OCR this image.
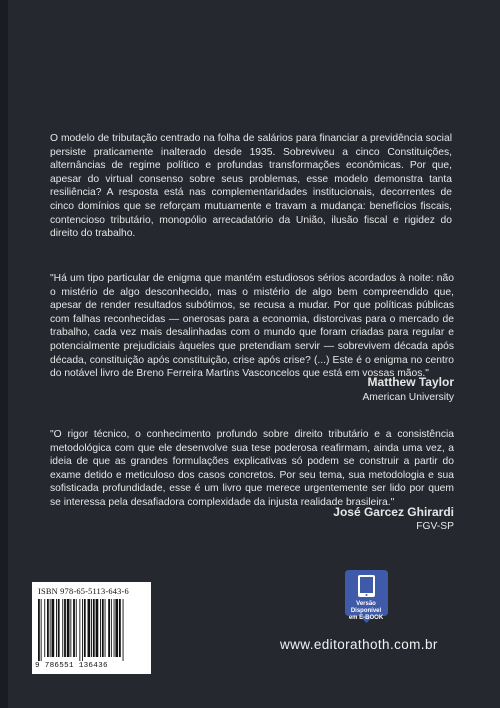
O modelo de tributação centrado na folha de salários para financiar a previdência social persiste praticamente inalterado desde 1935. Sobreviveu a cinco Constituições, alternâncias de regime político e profundas transformações econômicas. Por que, apesar do virtual consenso sobre seus problemas, esse modelo demonstra tanta resiliência? A resposta está nas complementaridades institucionais, decorrentes de cinco domínios que se reforçam mutuamente e travam a mudança: benefícios fiscais, contencioso tributário, monopólio arrecadatório da União, ilusão fiscal e rigidez do direito do trabalho.

"Há um tipo particular de enigma que mantém estudiosos sérios acordados à noite: não o mistério de algo desconhecido, mas o mistério de algo bem compreendido que, apesar de render resultados subótimos, se recusa a mudar. Por que políticas públicas com falhas reconhecidas — onerosas para a economia, distorcivas para o mercado de trabalho, cada vez mais desalinhadas com o mundo que foram criadas para regular e potencialmente prejudiciais àqueles que pretendiam servir — sobrevivem década após década, constituição após constituição, crise após crise? (...) Este é o enigma no centro do notável livro de Breno Ferreira Martins Vasconcelos que está em vossas mãos."

Matthew Taylor

American University

"O rigor técnico, o conhecimento profundo sobre direito tributário e a consistência metodológica com que ele desenvolve sua tese poderosa reafirmam, ainda uma vez, a ideia de que as grandes formulações explicativas só podem se construir a partir do exame detido e meticuloso dos casos concretos. Por seu tema, sua metodologia e sua sofisticada profundidade, esse é um livro que merece urgentemente ser lido por quem se interessa pela desafiadora complexidade da injusta realidade brasileira."

José Garcez Ghirardi

FGV-SP

ISBN 978-65-5113-643-6
9 786551 136436
Versão
Disponível
em E-BOOK
www.editorathoth.com.br
